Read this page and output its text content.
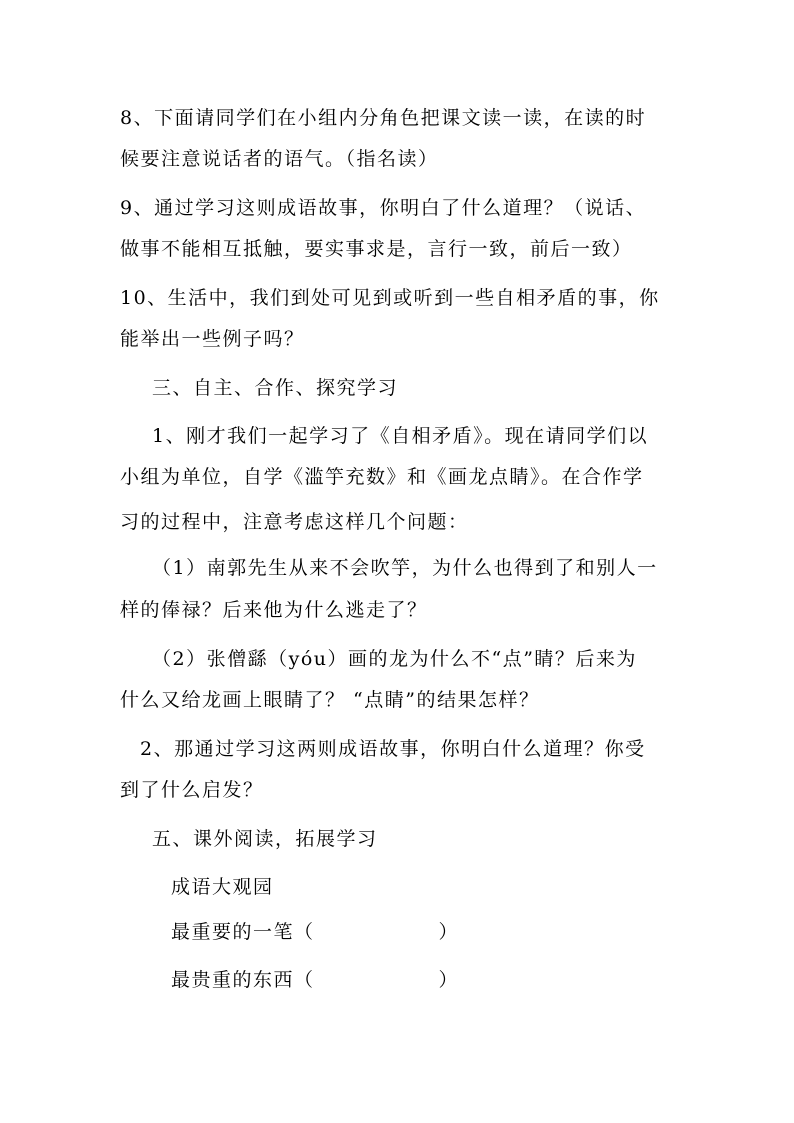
8、下面请同学们在小组内分角色把课文读一读，在读的时
候要注意说话者的语气。（指名读）
9、通过学习这则成语故事，你明白了什么道理？（说话、
做事不能相互抵触，要实事求是，言行一致，前后一致）
10、生活中，我们到处可见到或听到一些自相矛盾的事，你
能举出一些例子吗？
三、自主、合作、探究学习
1、刚才我们一起学习了《自相矛盾》。现在请同学们以
小组为单位，自学《滥竽充数》和《画龙点睛》。在合作学
习的过程中，注意考虑这样几个问题：
（1）南郭先生从来不会吹竽，为什么也得到了和别人一
样的俸禄？后来他为什么逃走了？
（2）张僧繇（yóu）画的龙为什么不“点”睛？后来为
什么又给龙画上眼睛了？ “点睛”的结果怎样？
2、那通过学习这两则成语故事，你明白什么道理？你受
到了什么启发？
五、课外阅读，拓展学习
成语大观园
最重要的一笔（	）
最贵重的东西（	）
